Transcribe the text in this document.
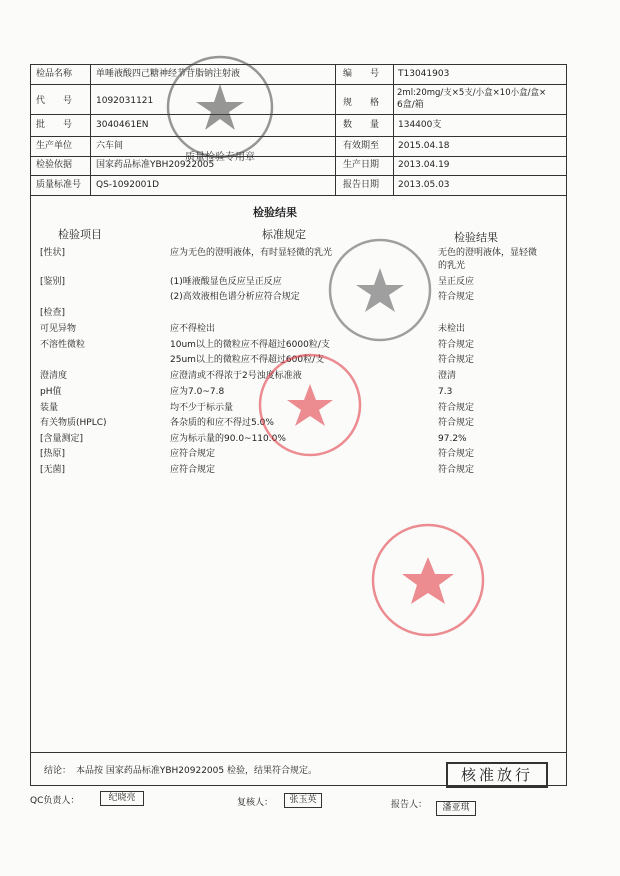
检品名称	单唾液酸四己糖神经节苷脂钠注射液	编　　号 T13041903
代　　号	1092031121	规　　格
2ml:20mg/支×5支/小盒×10小盒/盒×
6盒/箱
批　　号	3040461EN	数　　量 134400支
生产单位	六车间	有效期至 2015.04.18
检验依据	国家药品标准YBH20922005	生产日期 2013.04.19
质量标准号 QS-1092001D	报告日期 2013.05.03
检验结果
检验项目	标准规定	检验结果
[性状]	应为无色的澄明液体，有时显轻微的乳光	无色的澄明液体，显轻微
的乳光
[鉴别]	(1)唾液酸显色反应呈正反应	呈正反应
(2)高效液相色谱分析应符合规定	符合规定
[检查]
可见异物	应不得检出	未检出
不溶性微粒	10um以上的微粒应不得超过6000粒/支	符合规定
25um以上的微粒应不得超过600粒/支	符合规定
澄清度	应澄清或不得浓于2号浊度标准液	澄清
pH值	应为7.0~7.8	7.3
装量	均不少于标示量	符合规定
有关物质(HPLC)	各杂质的和应不得过5.0%	符合规定
[含量测定]	应为标示量的90.0~110.0%	97.2%
[热原]	应符合规定	符合规定
[无菌]	应符合规定	符合规定
结论： 本品按 国家药品标准YBH20922005 检验，结果符合规定。	核准放行
QC负责人：	纪晓亮	复核人：	张玉英	报告人：	潘亚琪
质量检验专用章
